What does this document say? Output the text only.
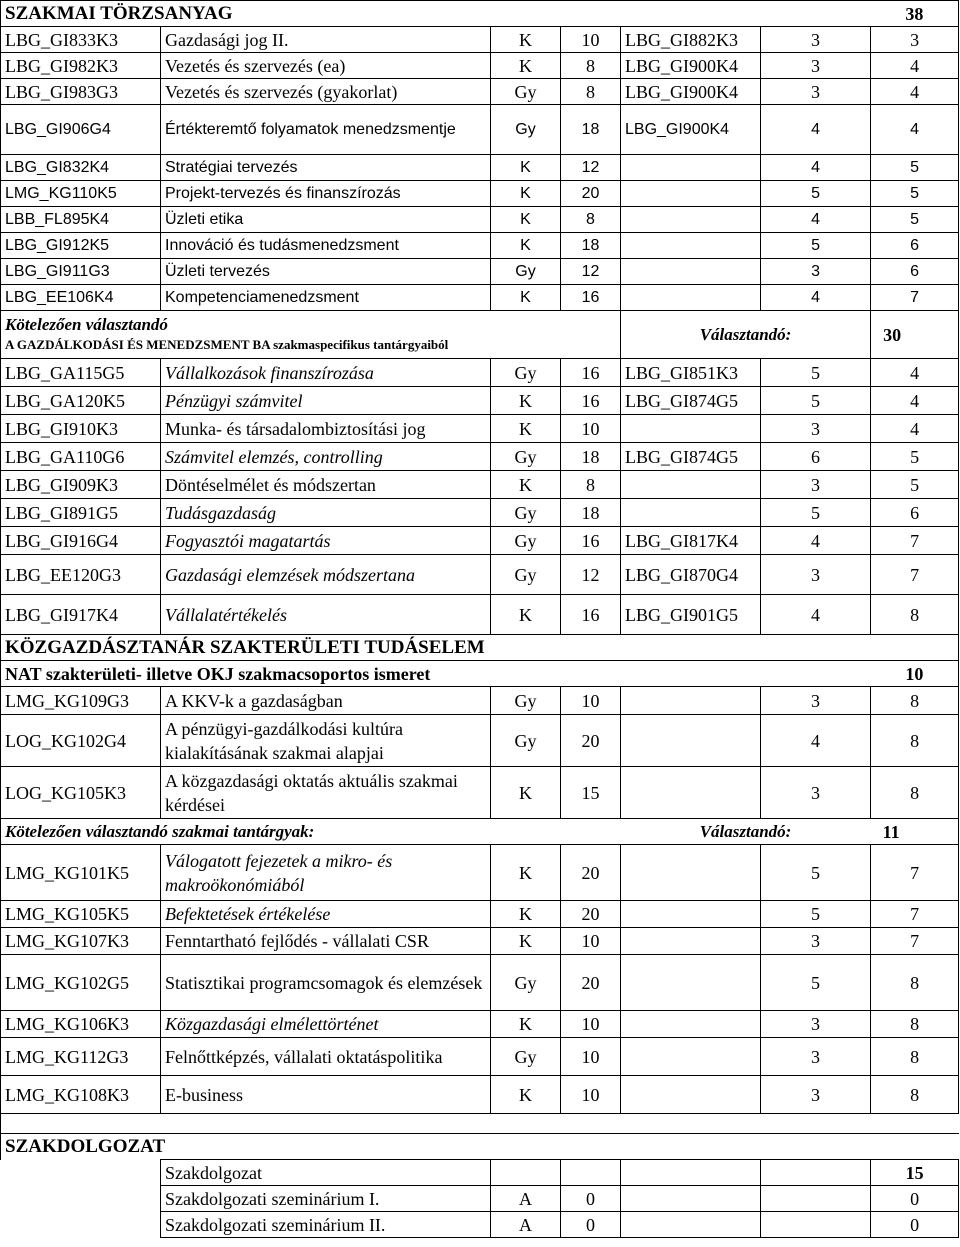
SZAKMAI TÖRZSANYAG						38
LBG_GI833K3	Gazdasági jog II.	K	10	LBG_GI882K3	3	3
LBG_GI982K3	Vezetés és szervezés (ea)	K	8	LBG_GI900K4	3	4
LBG_GI983G3	Vezetés és szervezés (gyakorlat)	Gy	8	LBG_GI900K4	3	4
LBG_GI906G4	Értékteremtő folyamatok menedzsmentje	Gy	18	LBG_GI900K4	4	4
LBG_GI832K4	Stratégiai tervezés	K	12		4	5
LMG_KG110K5	Projekt-tervezés és finanszírozás	K	20		5	5
LBB_FL895K4	Üzleti etika	K	8		4	5
LBG_GI912K5	Innováció és tudásmenedzsment	K	18		5	6
LBG_GI911G3	Üzleti tervezés	Gy	12		3	6
LBG_EE106K4	Kompetenciamenedzsment	K	16		4	7

Kötelezően választandó
A GAZDÁLKODÁSI ÉS MENEDZSMENT BA szakmaspecifikus tantárgyaiból				Választandó:		30
LBG_GA115G5	Vállalkozások finanszírozása	Gy	16	LBG_GI851K3	5	4
LBG_GA120K5	Pénzügyi számvitel	K	16	LBG_GI874G5	5	4
LBG_GI910K3	Munka- és társadalombiztosítási jog	K	10		3	4
LBG_GA110G6	Számvitel elemzés, controlling	Gy	18	LBG_GI874G5	6	5
LBG_GI909K3	Döntéselmélet és módszertan	K	8		3	5
LBG_GI891G5	Tudásgazdaság	Gy	18		5	6
LBG_GI916G4	Fogyasztói magatartás	Gy	16	LBG_GI817K4	4	7
LBG_EE120G3	Gazdasági elemzések módszertana	Gy	12	LBG_GI870G4	3	7
LBG_GI917K4	Vállalatértékelés	K	16	LBG_GI901G5	4	8
KÖZGAZDÁSZTANÁR SZAKTERÜLETI TUDÁSELEM						
NAT szakterületi- illetve OKJ szakmacsoportos ismeret						10
LMG_KG109G3	A KKV-k a gazdaságban	Gy	10		3	8
LOG_KG102G4	A pénzügyi-gazdálkodási kultúra kialakításának szakmai alapjai	Gy	20		4	8
LOG_KG105K3	A közgazdasági oktatás aktuális szakmai kérdései	K	15		3	8
Kötelezően választandó szakmai tantárgyak:				Választandó:		11
LMG_KG101K5	Válogatott fejezetek a mikro- és makroökonómiából	K	20		5	7
LMG_KG105K5	Befektetések értékelése	K	20		5	7
LMG_KG107K3	Fenntartható fejlődés - vállalati CSR	K	10		3	7
LMG_KG102G5	Statisztikai programcsomagok és elemzések	Gy	20		5	8
LMG_KG106K3	Közgazdasági elmélettörténet	K	10		3	8
LMG_KG112G3	Felnőttképzés, vállalati oktatáspolitika	Gy	10		3	8
LMG_KG108K3	E-business	K	10		3	8

SZAKDOLGOZAT						
	Szakdolgozat					15
	Szakdolgozati szeminárium I.	A	0			0
	Szakdolgozati szeminárium II.	A	0			0
